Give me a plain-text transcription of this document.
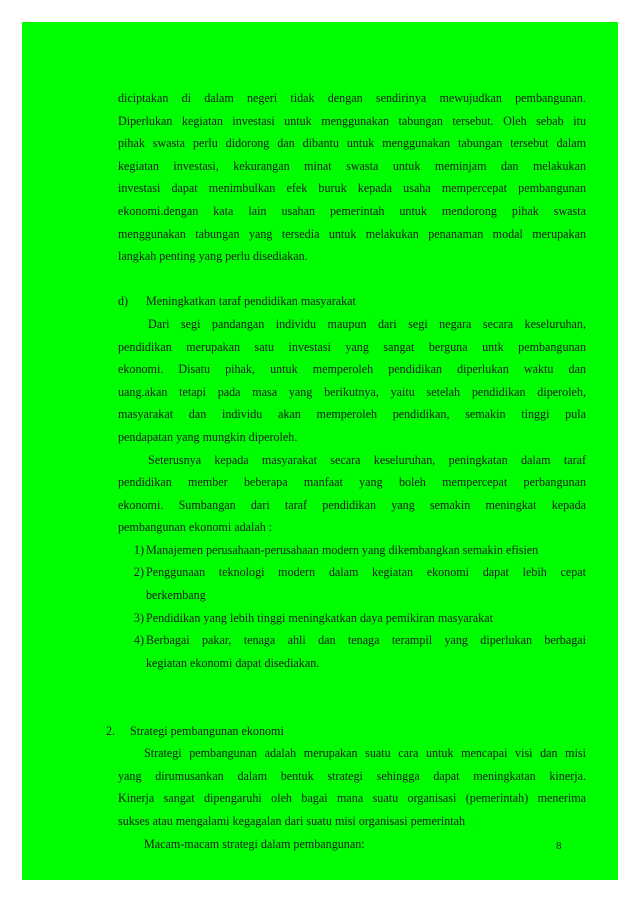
diciptakan di dalam negeri tidak dengan sendirinya mewujudkan pembangunan.
Diperlukan kegiatan investasi untuk menggunakan tabungan tersebut. Oleh sebab itu
pihak swasta perlu didorong dan dibantu untuk menggunakan tabungan tersebut dalam
kegiatan investasi, kekurangan minat swasta untuk meminjam dan melakukan
investasi dapat menimbulkan efek buruk kepada usaha mempercepat pembangunan
ekonomi.dengan kata lain usahan pemerintah untuk mendorong pihak swasta
menggunakan tabungan yang tersedia untuk melakukan penanaman modal merupakan
langkah penting yang perlu disediakan.
d)	Meningkatkan taraf pendidikan masyarakat
Dari segi pandangan individu maupun dari segi negara secara keseluruhan,
pendidikan merupakan satu investasi yang sangat berguna untk pembangunan
ekonomi. Disatu pihak, untuk memperoleh pendidikan diperlukan waktu dan
uang.akan tetapi pada masa yang berikutnya, yaitu setelah pendidikan diperoleh,
masyarakat dan individu akan memperoleh pendidikan, semakin tinggi pula
pendapatan yang mungkin diperoleh.
Seterusnya kepada masyarakat secara keseluruhan, peningkatan dalam taraf
pendidikan member beberapa manfaat yang boleh mempercepat perbangunan
ekonomi. Sumbangan dari taraf pendidikan yang semakin meningkat kepada
pembangunan ekonomi adalah :
1) Manajemen perusahaan-perusahaan modern yang dikembangkan semakin efisien
2) Penggunaan teknologi modern dalam kegiatan ekonomi dapat lebih cepat
berkembang
3) Pendidikan yang lebih tinggi meningkatkan daya pemikiran masyarakat
4) Berbagai pakar, tenaga ahli dan tenaga terampil yang diperlukan berbagai
kegiatan ekonomi dapat disediakan.
2.	Strategi pembangunan ekonomi
Strategi pembangunan adalah merupakan suatu cara untuk mencapai visi dan misi
yang dirumusankan dalam bentuk strategi sehingga dapat meningkatan kinerja.
Kinerja sangat dipengaruhi oleh bagai mana suatu organisasi (pemerintah) menerima
sukses atau mengalami kegagalan dari suatu misi organisasi pemerintah
Macam-macam strategi dalam pembangunan:	8
